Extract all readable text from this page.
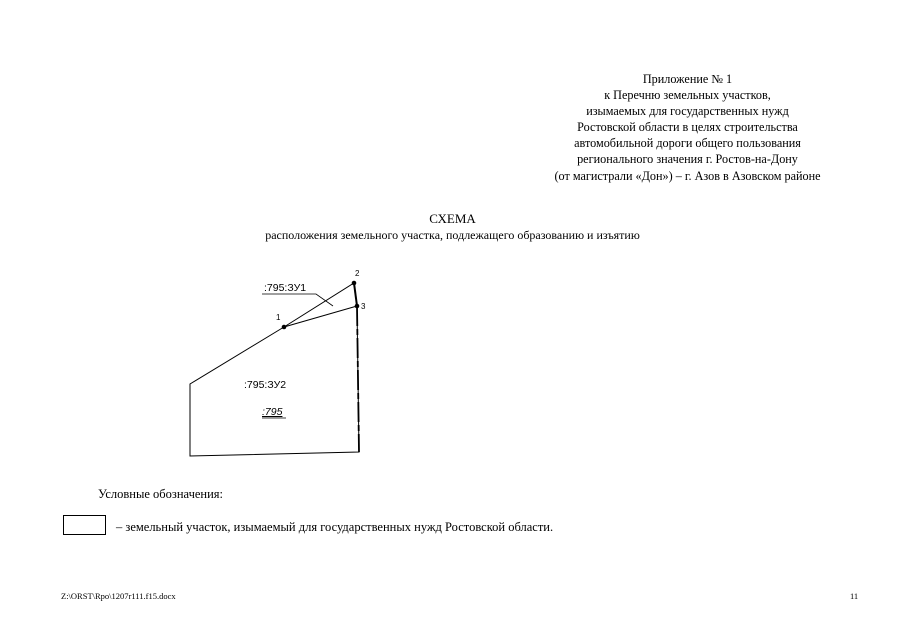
Приложение № 1
к Перечню земельных участков,
изымаемых для государственных нужд
Ростовской области в целях строительства
автомобильной дороги общего пользования
регионального значения г. Ростов-на-Дону
(от магистрали «Дон») – г. Азов в Азовском районе
СХЕМА
расположения земельного участка, подлежащего образованию и изъятию
1
2
3
:795:ЗУ1
:795:ЗУ2
:795
Условные обозначения:
– земельный участок, изымаемый для государственных нужд Ростовской области.
Z:\ORST\Rpo\1207r111.f15.docx	11
